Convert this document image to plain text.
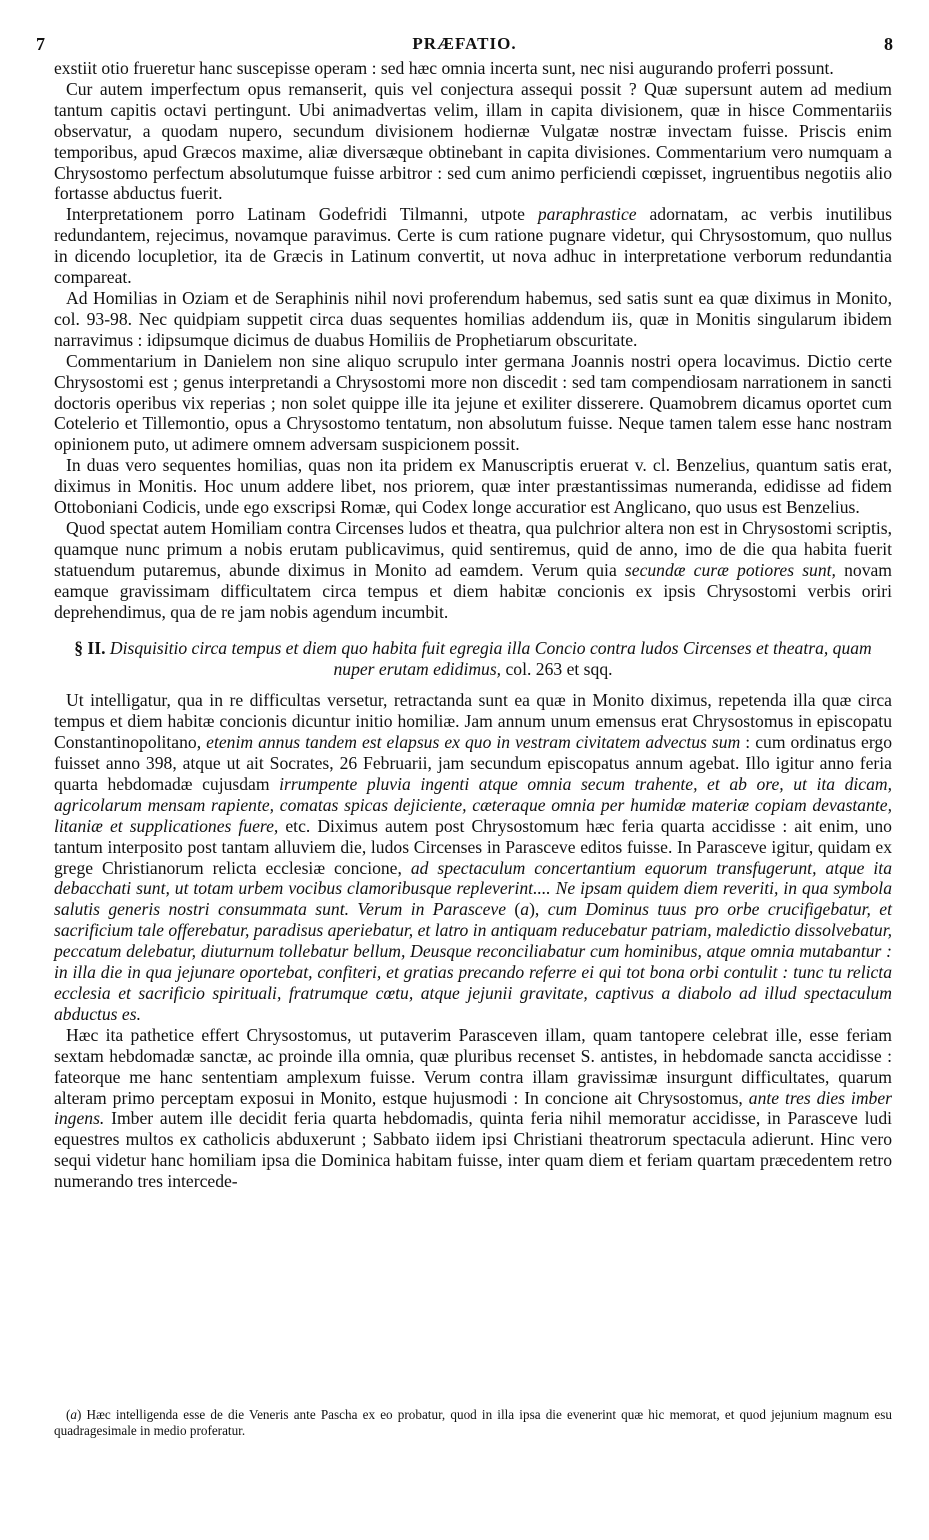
7	PRÆFATIO.	8

exstiit otio frueretur hanc suscepisse operam : sed hæc omnia incerta sunt, nec nisi augurando proferri possunt.

Cur autem imperfectum opus remanserit, quis vel conjectura assequi possit ? Quæ supersunt autem ad medium tantum capitis octavi pertingunt. Ubi animadvertas velim, illam in capita divisionem, quæ in hisce Commentariis observatur, a quodam nupero, secundum divisionem hodiernæ Vulgatæ nostræ invectam fuisse. Priscis enim temporibus, apud Græcos maxime, aliæ diversæque obtinebant in capita divisiones. Commentarium vero numquam a Chrysostomo perfectum absolutumque fuisse arbitror : sed cum animo perficiendi cœpisset, ingruentibus negotiis alio fortasse abductus fuerit.

Interpretationem porro Latinam Godefridi Tilmanni, utpote paraphrastice adornatam, ac verbis inutilibus redundantem, rejecimus, novamque paravimus. Certe is cum ratione pugnare videtur, qui Chrysostomum, quo nullus in dicendo locupletior, ita de Græcis in Latinum convertit, ut nova adhuc in interpretatione verborum redundantia compareat.

Ad Homilias in Oziam et de Seraphinis nihil novi proferendum habemus, sed satis sunt ea quæ diximus in Monito, col. 93-98. Nec quidpiam suppetit circa duas sequentes homilias addendum iis, quæ in Monitis singularum ibidem narravimus : idipsumque dicimus de duabus Homiliis de Prophetiarum obscuritate.

Commentarium in Danielem non sine aliquo scrupulo inter germana Joannis nostri opera locavimus. Dictio certe Chrysostomi est ; genus interpretandi a Chrysostomi more non discedit : sed tam compendiosam narrationem in sancti doctoris operibus vix reperias ; non solet quippe ille ita jejune et exiliter disserere. Quamobrem dicamus oportet cum Cotelerio et Tillemontio, opus a Chrysostomo tentatum, non absolutum fuisse. Neque tamen talem esse hanc nostram opinionem puto, ut adimere omnem adversam suspicionem possit.

In duas vero sequentes homilias, quas non ita pridem ex Manuscriptis eruerat v. cl. Benzelius, quantum satis erat, diximus in Monitis. Hoc unum addere libet, nos priorem, quæ inter præstantissimas numeranda, edidisse ad fidem Ottoboniani Codicis, unde ego exscripsi Romæ, qui Codex longe accuratior est Anglicano, quo usus est Benzelius.

Quod spectat autem Homiliam contra Circenses ludos et theatra, qua pulchrior altera non est in Chrysostomi scriptis, quamque nunc primum a nobis erutam publicavimus, quid sentiremus, quid de anno, imo de die qua habita fuerit statuendum putaremus, abunde diximus in Monito ad eamdem. Verum quia secundæ curæ potiores sunt, novam eamque gravissimam difficultatem circa tempus et diem habitæ concionis ex ipsis Chrysostomi verbis oriri deprehendimus, qua de re jam nobis agendum incumbit.

§ II. Disquisitio circa tempus et diem quo habita fuit egregia illa Concio contra ludos Circenses et theatra, quam nuper erutam edidimus, col. 263 et sqq.

Ut intelligatur, qua in re difficultas versetur, retractanda sunt ea quæ in Monito diximus, repetenda illa quæ circa tempus et diem habitæ concionis dicuntur initio homiliæ. Jam annum unum emensus erat Chrysostomus in episcopatu Constantinopolitano, etenim annus tandem est elapsus ex quo in vestram civitatem advectus sum : cum ordinatus ergo fuisset anno 398, atque ut ait Socrates, 26 Februarii, jam secundum episcopatus annum agebat. Illo igitur anno feria quarta hebdomadæ cujusdam irrumpente pluvia ingenti atque omnia secum trahente, et ab ore, ut ita dicam, agricolarum mensam rapiente, comatas spicas dejiciente, cæteraque omnia per humidæ materiæ copiam devastante, litaniæ et supplicationes fuere, etc. Diximus autem post Chrysostomum hæc feria quarta accidisse : ait enim, uno tantum interposito post tantam alluviem die, ludos Circenses in Parasceve editos fuisse. In Parasceve igitur, quidam ex grege Christianorum relicta ecclesiæ concione, ad spectaculum concertantium equorum transfugerunt, atque ita debacchati sunt, ut totam urbem vocibus clamoribusque repleverint.... Ne ipsam quidem diem reveriti, in qua symbola salutis generis nostri consummata sunt. Verum in Parasceve (a), cum Dominus tuus pro orbe crucifigebatur, et sacrificium tale offerebatur, paradisus aperiebatur, et latro in antiquam reducebatur patriam, maledictio dissolvebatur, peccatum delebatur, diuturnum tollebatur bellum, Deusque reconciliabatur cum hominibus, atque omnia mutabantur : in illa die in qua jejunare oportebat, confiteri, et gratias precando referre ei qui tot bona orbi contulit : tunc tu relicta ecclesia et sacrificio spirituali, fratrumque cœtu, atque jejunii gravitate, captivus a diabolo ad illud spectaculum abductus es.

Hæc ita pathetice effert Chrysostomus, ut putaverim Parasceven illam, quam tantopere celebrat ille, esse feriam sextam hebdomadæ sanctæ, ac proinde illa omnia, quæ pluribus recenset S. antistes, in hebdomade sancta accidisse : fateorque me hanc sententiam amplexum fuisse. Verum contra illam gravissimæ insurgunt difficultates, quarum alteram primo perceptam exposui in Monito, estque hujusmodi : In concione ait Chrysostomus, ante tres dies imber ingens. Imber autem ille decidit feria quarta hebdomadis, quinta feria nihil memoratur accidisse, in Parasceve ludi equestres multos ex catholicis abduxerunt ; Sabbato iidem ipsi Christiani theatrorum spectacula adierunt. Hinc vero sequi videtur hanc homiliam ipsa die Dominica habitam fuisse, inter quam diem et feriam quartam præcedentem retro numerando tres intercede-

(a) Hæc intelligenda esse de die Veneris ante Pascha ex eo probatur, quod in illa ipsa die evenerint quæ hic memorat, et quod jejunium magnum esu quadragesimale in medio proferatur.
